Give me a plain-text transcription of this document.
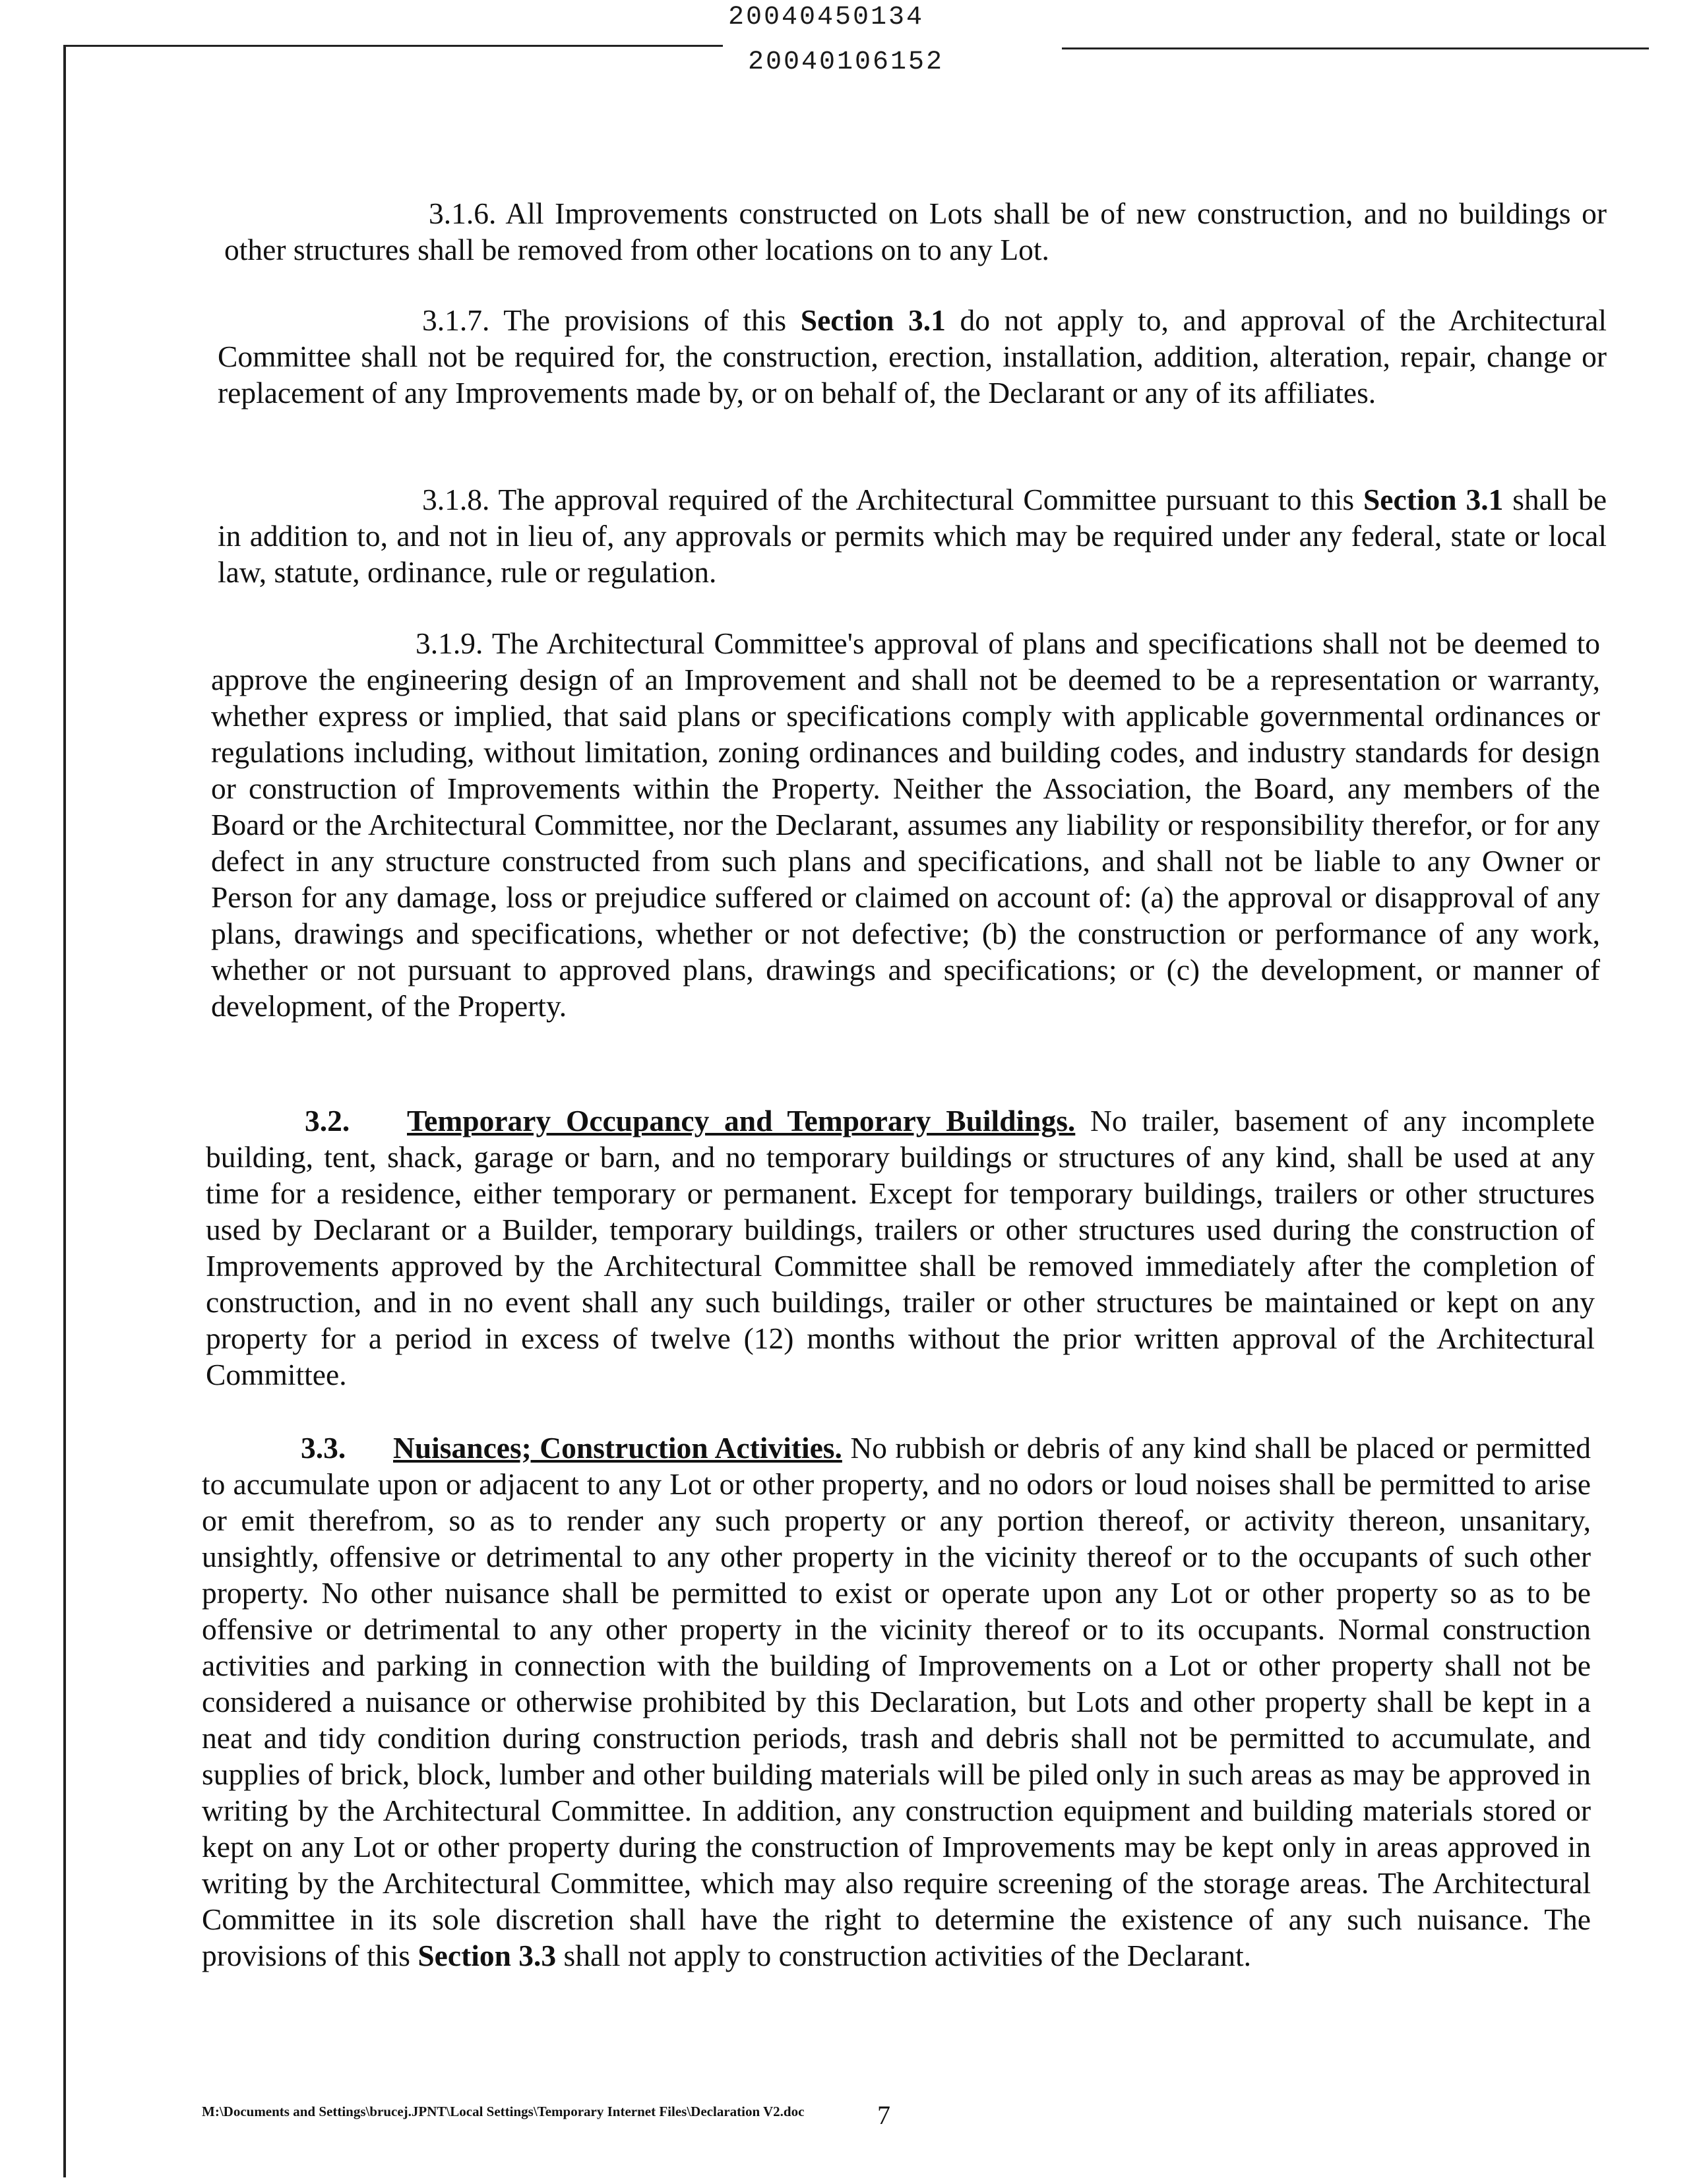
20040450134
20040106152

3.1.6. All Improvements constructed on Lots shall be of new construction, and no buildings or other structures shall be removed from other locations on to any Lot.

3.1.7. The provisions of this Section 3.1 do not apply to, and approval of the Architectural Committee shall not be required for, the construction, erection, installation, addition, alteration, repair, change or replacement of any Improvements made by, or on behalf of, the Declarant or any of its affiliates.

3.1.8. The approval required of the Architectural Committee pursuant to this Section 3.1 shall be in addition to, and not in lieu of, any approvals or permits which may be required under any federal, state or local law, statute, ordinance, rule or regulation.

3.1.9. The Architectural Committee's approval of plans and specifications shall not be deemed to approve the engineering design of an Improvement and shall not be deemed to be a representation or warranty, whether express or implied, that said plans or specifications comply with applicable governmental ordinances or regulations including, without limitation, zoning ordinances and building codes, and industry standards for design or construction of Improvements within the Property. Neither the Association, the Board, any members of the Board or the Architectural Committee, nor the Declarant, assumes any liability or responsibility therefor, or for any defect in any structure constructed from such plans and specifications, and shall not be liable to any Owner or Person for any damage, loss or prejudice suffered or claimed on account of: (a) the approval or disapproval of any plans, drawings and specifications, whether or not defective; (b) the construction or performance of any work, whether or not pursuant to approved plans, drawings and specifications; or (c) the development, or manner of development, of the Property.

3.2. Temporary Occupancy and Temporary Buildings. No trailer, basement of any incomplete building, tent, shack, garage or barn, and no temporary buildings or structures of any kind, shall be used at any time for a residence, either temporary or permanent. Except for temporary buildings, trailers or other structures used by Declarant or a Builder, temporary buildings, trailers or other structures used during the construction of Improvements approved by the Architectural Committee shall be removed immediately after the completion of construction, and in no event shall any such buildings, trailer or other structures be maintained or kept on any property for a period in excess of twelve (12) months without the prior written approval of the Architectural Committee.

3.3. Nuisances; Construction Activities. No rubbish or debris of any kind shall be placed or permitted to accumulate upon or adjacent to any Lot or other property, and no odors or loud noises shall be permitted to arise or emit therefrom, so as to render any such property or any portion thereof, or activity thereon, unsanitary, unsightly, offensive or detrimental to any other property in the vicinity thereof or to the occupants of such other property. No other nuisance shall be permitted to exist or operate upon any Lot or other property so as to be offensive or detrimental to any other property in the vicinity thereof or to its occupants. Normal construction activities and parking in connection with the building of Improvements on a Lot or other property shall not be considered a nuisance or otherwise prohibited by this Declaration, but Lots and other property shall be kept in a neat and tidy condition during construction periods, trash and debris shall not be permitted to accumulate, and supplies of brick, block, lumber and other building materials will be piled only in such areas as may be approved in writing by the Architectural Committee. In addition, any construction equipment and building materials stored or kept on any Lot or other property during the construction of Improvements may be kept only in areas approved in writing by the Architectural Committee, which may also require screening of the storage areas. The Architectural Committee in its sole discretion shall have the right to determine the existence of any such nuisance. The provisions of this Section 3.3 shall not apply to construction activities of the Declarant.

M:\Documents and Settings\brucej.JPNT\Local Settings\Temporary Internet Files\Declaration V2.doc	7
